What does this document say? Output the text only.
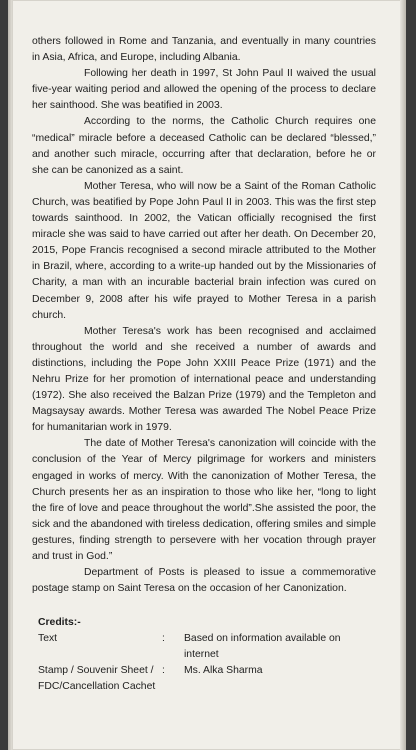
others followed in Rome and Tanzania, and eventually in many countries in Asia, Africa, and Europe, including Albania.

Following her death in 1997, St John Paul II waived the usual five-year waiting period and allowed the opening of the process to declare her sainthood. She was beatified in 2003.

According to the norms, the Catholic Church requires one “medical” miracle before a deceased Catholic can be declared “blessed,” and another such miracle, occurring after that declaration, before he or she can be canonized as a saint.

Mother Teresa, who will now be a Saint of the Roman Catholic Church, was beatified by Pope John Paul II in 2003. This was the first step towards sainthood. In 2002, the Vatican officially recognised the first miracle she was said to have carried out after her death. On December 20, 2015, Pope Francis recognised a second miracle attributed to the Mother in Brazil, where, according to a write-up handed out by the Missionaries of Charity, a man with an incurable bacterial brain infection was cured on December 9, 2008 after his wife prayed to Mother Teresa in a parish church.

Mother Teresa's work has been recognised and acclaimed throughout the world and she received a number of awards and distinctions, including the Pope John XXIII Peace Prize (1971) and the Nehru Prize for her promotion of international peace and understanding (1972). She also received the Balzan Prize (1979) and the Templeton and Magsaysay awards. Mother Teresa was awarded The Nobel Peace Prize for humanitarian work in 1979.

The date of Mother Teresa's canonization will coincide with the conclusion of the Year of Mercy pilgrimage for workers and ministers engaged in works of mercy. With the canonization of Mother Teresa, the Church presents her as an inspiration to those who like her, “long to light the fire of love and peace throughout the world”.She assisted the poor, the sick and the abandoned with tireless dedication, offering smiles and simple gestures, finding strength to persevere with her vocation through prayer and trust in God.”

Department of Posts is pleased to issue a commemorative postage stamp on Saint Teresa on the occasion of her Canonization.

Credits:-
Text	: Based on information available on internet
Stamp / Souvenir Sheet / FDC/Cancellation Cachet
: Ms. Alka Sharma
